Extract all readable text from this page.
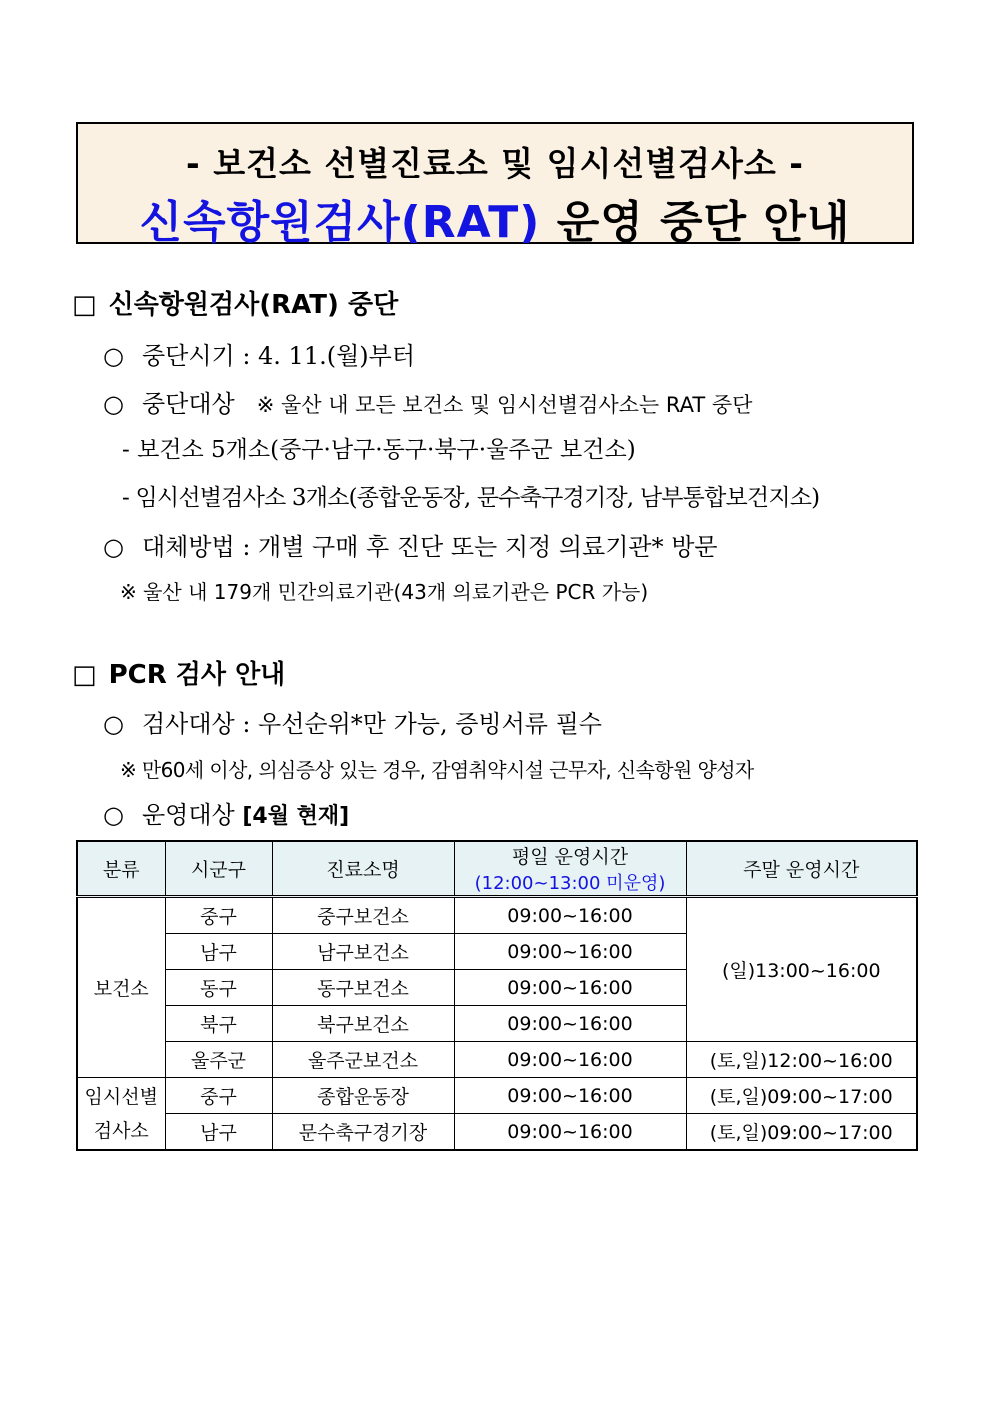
- 보건소 선별진료소 및 임시선별검사소 -
신속항원검사(RAT) 운영 중단 안내
□ 신속항원검사(RAT) 중단
○ 중단시기 : 4. 11.(월)부터
○ 중단대상 ※ 울산 내 모든 보건소 및 임시선별검사소는 RAT 중단
- 보건소 5개소(중구·남구·동구·북구·울주군 보건소)
- 임시선별검사소 3개소(종합운동장, 문수축구경기장, 남부통합보건지소)
○ 대체방법 : 개별 구매 후 진단 또는 지정 의료기관* 방문
※ 울산 내 179개 민간의료기관(43개 의료기관은 PCR 가능)
□ PCR 검사 안내
○ 검사대상 : 우선순위*만 가능, 증빙서류 필수
※ 만60세 이상, 의심증상 있는 경우, 감염취약시설 근무자, 신속항원 양성자
○ 운영대상 [4월 현재]
분류	시군구	진료소명	평일 운영시간
(12:00~13:00 미운영)	주말 운영시간
보건소	중구	중구보건소	09:00~16:00	(일)13:00~16:00
	남구	남구보건소	09:00~16:00	
	동구	동구보건소	09:00~16:00	
	북구	북구보건소	09:00~16:00	
	울주군	울주군보건소	09:00~16:00	(토,일)12:00~16:00

임시선별
검사소	중구	종합운동장	09:00~16:00	(토,일)09:00~17:00
	남구	문수축구경기장	09:00~16:00	(토,일)09:00~17:00
